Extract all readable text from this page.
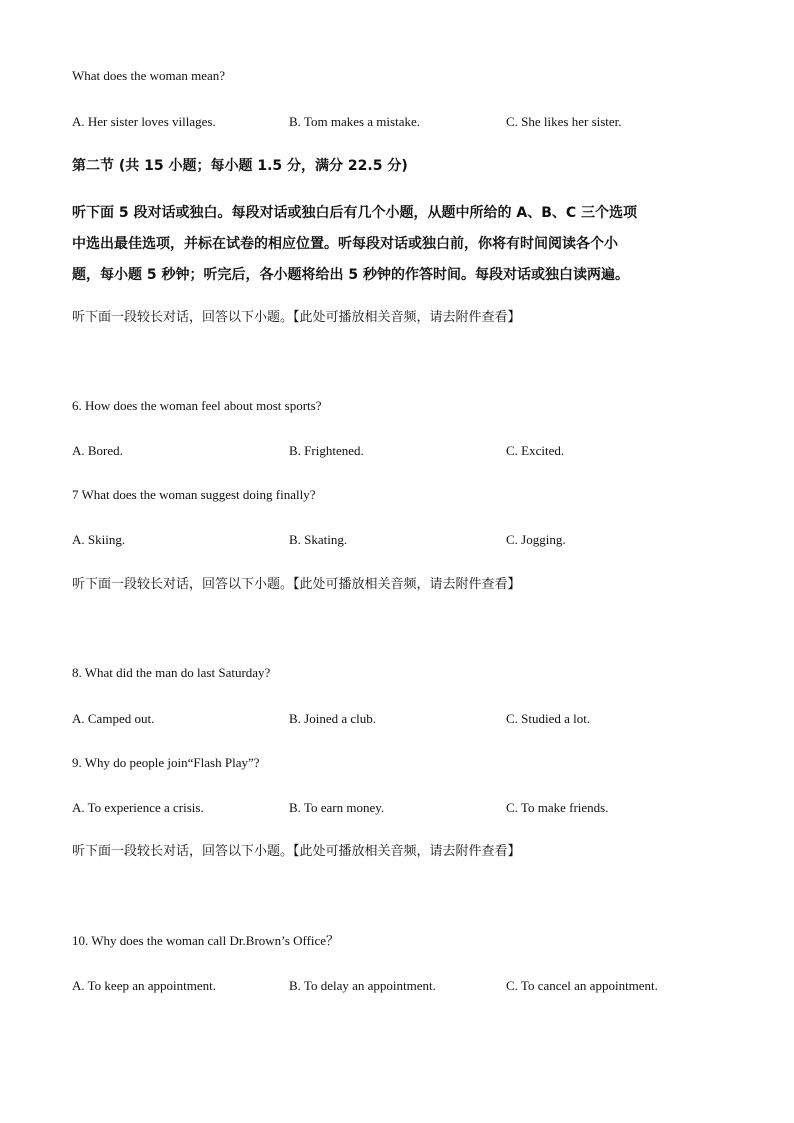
What does the woman mean?
A. Her sister loves villages.	B. Tom makes a mistake.	C. She likes her sister.
第二节 (共 15 小题；每小题 1.5 分，满分 22.5 分)
听下面 5 段对话或独白。每段对话或独白后有几个小题，从题中所给的 A、B、C 三个选项
中选出最佳选项，并标在试卷的相应位置。听每段对话或独白前，你将有时间阅读各个小
题，每小题 5 秒钟；听完后，各小题将给出 5 秒钟的作答时间。每段对话或独白读两遍。
听下面一段较长对话，回答以下小题。【此处可播放相关音频，请去附件查看】
6. How does the woman feel about most sports?
A. Bored.	B. Frightened.	C. Excited.
7 What does the woman suggest doing finally?
A. Skiing.	B. Skating.	C. Jogging.
听下面一段较长对话，回答以下小题。【此处可播放相关音频，请去附件查看】
8. What did the man do last Saturday?
A. Camped out.	B. Joined a club.	C. Studied a lot.
9. Why do people join“Flash Play”?
A. To experience a crisis.	B. To earn money.	C. To make friends.
听下面一段较长对话，回答以下小题。【此处可播放相关音频，请去附件查看】
10. Why does the woman call Dr.Brown’s Office？
A. To keep an appointment.	B. To delay an appointment.	C. To cancel an appointment.
